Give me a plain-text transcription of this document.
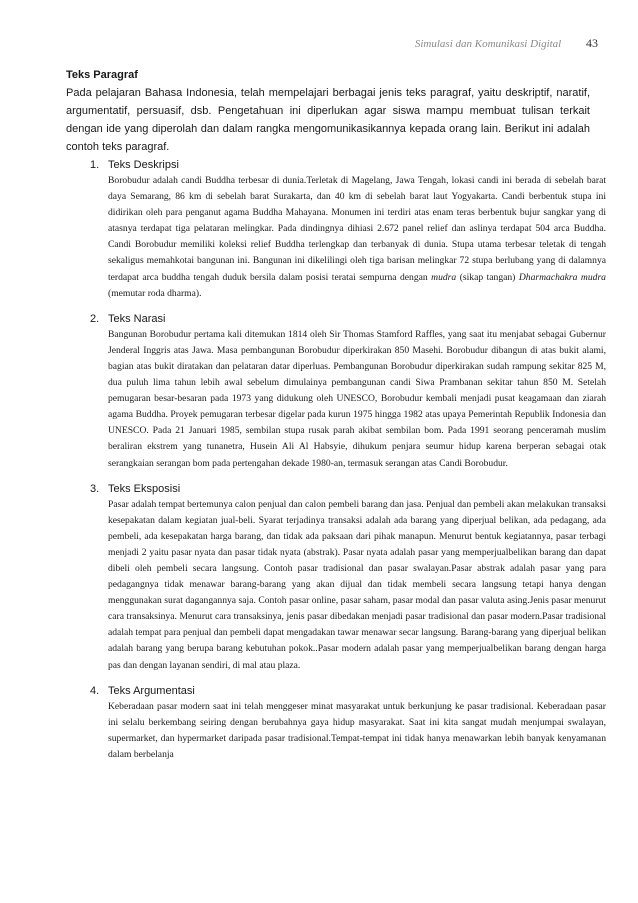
Simulasi dan Komunikasi Digital 43
Teks Paragraf
Pada pelajaran Bahasa Indonesia, telah mempelajari berbagai jenis teks paragraf, yaitu deskriptif, naratif, argumentatif, persuasif, dsb. Pengetahuan ini diperlukan agar siswa mampu membuat tulisan terkait dengan ide yang diperolah dan dalam rangka mengomunikasikannya kepada orang lain. Berikut ini adalah contoh teks paragraf.
1. Teks Deskripsi
Borobudur adalah candi Buddha terbesar di dunia.Terletak di Magelang, Jawa Tengah, lokasi candi ini berada di sebelah barat daya Semarang, 86 km di sebelah barat Surakarta, dan 40 km di sebelah barat laut Yogyakarta. Candi berbentuk stupa ini didirikan oleh para penganut agama Buddha Mahayana. Monumen ini terdiri atas enam teras berbentuk bujur sangkar yang di atasnya terdapat tiga pelataran melingkar. Pada dindingnya dihiasi 2.672 panel relief dan aslinya terdapat 504 arca Buddha. Candi Borobudur memiliki koleksi relief Buddha terlengkap dan terbanyak di dunia. Stupa utama terbesar teletak di tengah sekaligus memahkotai bangunan ini. Bangunan ini dikelilingi oleh tiga barisan melingkar 72 stupa berlubang yang di dalamnya terdapat arca buddha tengah duduk bersila dalam posisi teratai sempurna dengan mudra (sikap tangan) Dharmachakra mudra (memutar roda dharma).
2. Teks Narasi
Bangunan Borobudur pertama kali ditemukan 1814 oleh Sir Thomas Stamford Raffles, yang saat itu menjabat sebagai Gubernur Jenderal Inggris atas Jawa. Masa pembangunan Borobudur diperkirakan 850 Masehi. Borobudur dibangun di atas bukit alami, bagian atas bukit diratakan dan pelataran datar diperluas. Pembangunan Borobudur diperkirakan sudah rampung sekitar 825 M, dua puluh lima tahun lebih awal sebelum dimulainya pembangunan candi Siwa Prambanan sekitar tahun 850 M. Setelah pemugaran besar-besaran pada 1973 yang didukung oleh UNESCO, Borobudur kembali menjadi pusat keagamaan dan ziarah agama Buddha. Proyek pemugaran terbesar digelar pada kurun 1975 hingga 1982 atas upaya Pemerintah Republik Indonesia dan UNESCO. Pada 21 Januari 1985, sembilan stupa rusak parah akibat sembilan bom. Pada 1991 seorang penceramah muslim beraliran ekstrem yang tunanetra, Husein Ali Al Habsyie, dihukum penjara seumur hidup karena berperan sebagai otak serangkaian serangan bom pada pertengahan dekade 1980-an, termasuk serangan atas Candi Borobudur.
3. Teks Eksposisi
Pasar adalah tempat bertemunya calon penjual dan calon pembeli barang dan jasa. Penjual dan pembeli akan melakukan transaksi kesepakatan dalam kegiatan jual-beli. Syarat terjadinya transaksi adalah ada barang yang diperjual belikan, ada pedagang, ada pembeli, ada kesepakatan harga barang, dan tidak ada paksaan dari pihak manapun. Menurut bentuk kegiatannya, pasar terbagi menjadi 2 yaitu pasar nyata dan pasar tidak nyata (abstrak). Pasar nyata adalah pasar yang memperjualbelikan barang dan dapat dibeli oleh pembeli secara langsung. Contoh pasar tradisional dan pasar swalayan.Pasar abstrak adalah pasar yang para pedagangnya tidak menawar barang-barang yang akan dijual dan tidak membeli secara langsung tetapi hanya dengan menggunakan surat dagangannya saja. Contoh pasar online, pasar saham, pasar modal dan pasar valuta asing.Jenis pasar menurut cara transaksinya. Menurut cara transaksinya, jenis pasar dibedakan menjadi pasar tradisional dan pasar modern.Pasar tradisional adalah tempat para penjual dan pembeli dapat mengadakan tawar menawar secar langsung. Barang-barang yang diperjual belikan adalah barang yang berupa barang kebutuhan pokok..Pasar modern adalah pasar yang memperjualbelikan barang dengan harga pas dan dengan layanan sendiri, di mal atau plaza.
4. Teks Argumentasi
Keberadaan pasar modern saat ini telah menggeser minat masyarakat untuk berkunjung ke pasar tradisional. Keberadaan pasar ini selalu berkembang seiring dengan berubahnya gaya hidup masyarakat. Saat ini kita sangat mudah menjumpai swalayan, supermarket, dan hypermarket daripada pasar tradisional.Tempat-tempat ini tidak hanya menawarkan lebih banyak kenyamanan dalam berbelanja
